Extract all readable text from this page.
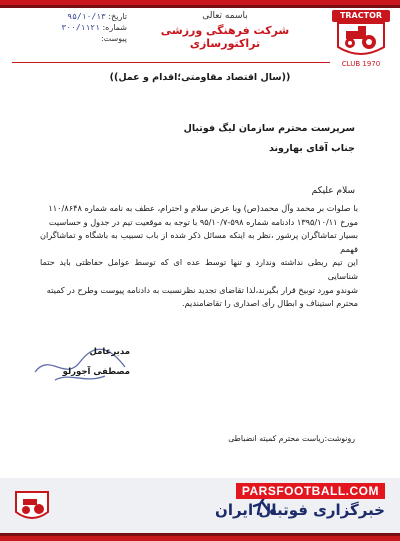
TRACTOR
CLUB 1970
باسمه تعالی
شرکت فرهنگی ورزشی تراکتورسازی
تاریخ: ۹۵/۱۰/۱۳
شماره: ۳۰۰/۱۱۲۱
پیوست:
((سال اقتصاد مقاومتی؛اقدام و عمل))
سرپرست محترم سازمان لیگ فوتبال
جناب آقای بهاروند
سلام علیکم

با صلوات بر محمد وآل محمد(ص) وبا عرض سلام و احترام، عطف به نامه شماره ۱۱۰/۸۶۴۸

مورخ ۱۳۹۵/۱۰/۱۱ دادنامه شماره ۵۹۸-۹۵/۱۰/۷ با توجه به موقعیت تیم در جدول و حساسیت

بسیار تماشاگران پرشور ،نظر به اینکه مسائل ذکر شده از باب تسبیب به باشگاه و تماشاگران فهمم

این تیم ربطی نداشته وندارد و تنها توسط عده ای که توسط عوامل حفاظتی باید حتما شناسایی

شوندو مورد توبیخ قرار بگیرند،لذا تقاضای تجدید نظرنسبت به دادنامه پیوست وطرح در کمیته

محترم استیناف و ابطال رأی اصداری را تقاضامندیم.

مدیرعامل
مصطفی آجورلو
رونوشت:ریاست محترم کمیته انضباطی
PARSFOOTBALL.COM
خبرگزاری فوتبال ایران
